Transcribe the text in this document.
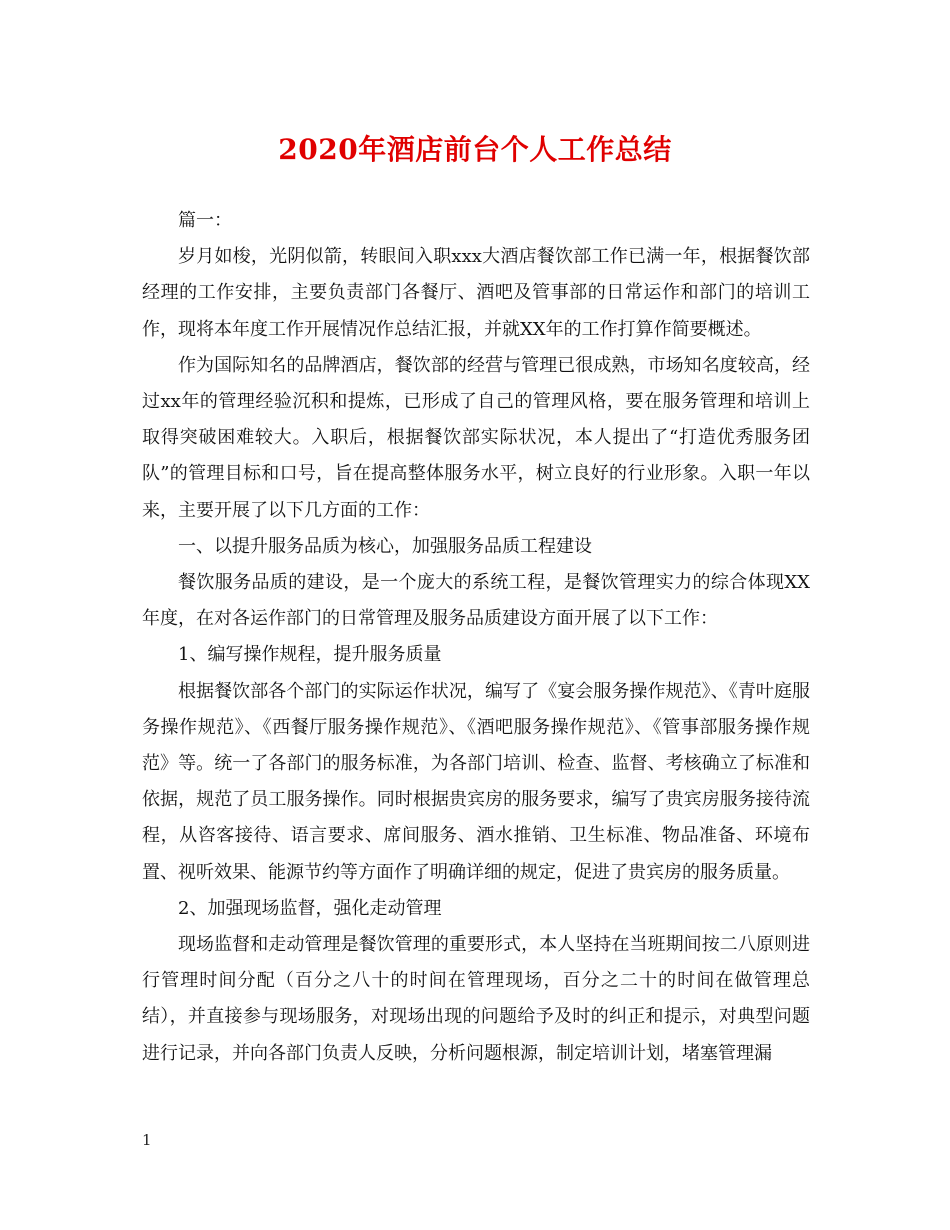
2020年酒店前台个人工作总结

篇一：

岁月如梭，光阴似箭，转眼间入职xxx大酒店餐饮部工作已满一年，根据餐饮部经理的工作安排，主要负责部门各餐厅、酒吧及管事部的日常运作和部门的培训工作，现将本年度工作开展情况作总结汇报，并就XX年的工作打算作简要概述。

作为国际知名的品牌酒店，餐饮部的经营与管理已很成熟，市场知名度较高，经过xx年的管理经验沉积和提炼，已形成了自己的管理风格，要在服务管理和培训上取得突破困难较大。入职后，根据餐饮部实际状况，本人提出了“打造优秀服务团队”的管理目标和口号，旨在提高整体服务水平，树立良好的行业形象。入职一年以来，主要开展了以下几方面的工作：

一、以提升服务品质为核心，加强服务品质工程建设

餐饮服务品质的建设，是一个庞大的系统工程，是餐饮管理实力的综合体现XX年度，在对各运作部门的日常管理及服务品质建设方面开展了以下工作：

1、编写操作规程，提升服务质量

根据餐饮部各个部门的实际运作状况，编写了《宴会服务操作规范》、《青叶庭服务操作规范》、《西餐厅服务操作规范》、《酒吧服务操作规范》、《管事部服务操作规范》等。统一了各部门的服务标准，为各部门培训、检查、监督、考核确立了标准和依据，规范了员工服务操作。同时根据贵宾房的服务要求，编写了贵宾房服务接待流程，从咨客接待、语言要求、席间服务、酒水推销、卫生标准、物品准备、环境布置、视听效果、能源节约等方面作了明确详细的规定，促进了贵宾房的服务质量。

2、加强现场监督，强化走动管理

现场监督和走动管理是餐饮管理的重要形式，本人坚持在当班期间按二八原则进行管理时间分配（百分之八十的时间在管理现场，百分之二十的时间在做管理总结），并直接参与现场服务，对现场出现的问题给予及时的纠正和提示，对典型问题进行记录，并向各部门负责人反映，分析问题根源，制定培训计划，堵塞管理漏

1
